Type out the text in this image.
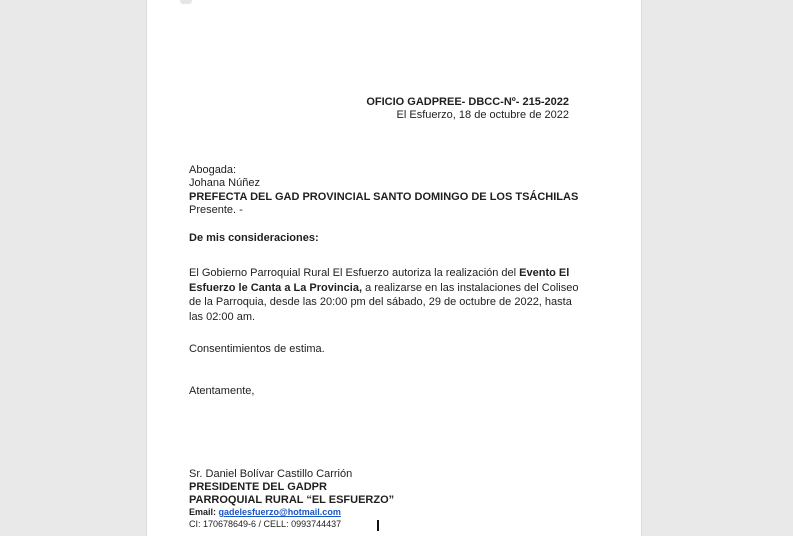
OFICIO GADPREE- DBCC-Nº- 215-2022
El Esfuerzo, 18 de octubre de 2022
Abogada:
Johana Núñez
PREFECTA DEL GAD PROVINCIAL SANTO DOMINGO DE LOS TSÁCHILAS
Presente. -
De mis consideraciones:

El Gobierno Parroquial Rural El Esfuerzo autoriza la realización del Evento El Esfuerzo le Canta a La Provincia, a realizarse en las instalaciones del Coliseo de la Parroquia, desde las 20:00 pm del sábado, 29 de octubre de 2022, hasta las 02:00 am.

Consentimientos de estima.
Atentamente,
Sr. Daniel Bolívar Castillo Carrión
PRESIDENTE DEL GADPR
PARROQUIAL RURAL “EL ESFUERZO”
Email: gadelesfuerzo@hotmail.com
CI: 170678649-6 / CELL: 0993744437
